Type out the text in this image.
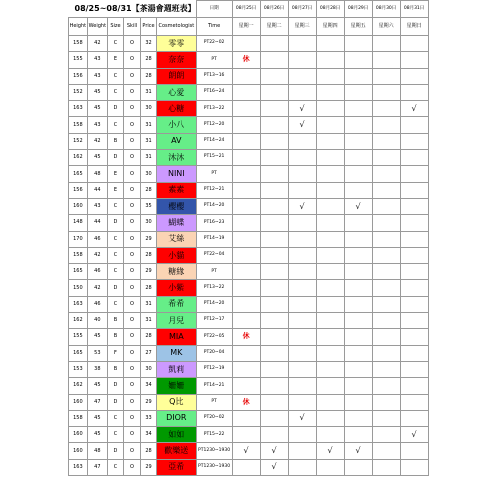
08/25~08/31【茶湯會週班表】						日期	08月25日	08月26日	08月27日	08月28日	08月29日	08月30日	08月31日
Height	Weight	Size	Skill	Price	Cosmetologist	Time	星期一	星期二	星期三	星期四	星期五	星期六	星期日
158	42	C	O	32	零零	PT22~02							
155	43	E	O	28	奈奈	PT	休						
156	43	C	O	28	朗朗	PT13~16							
152	45	C	O	31	心愛	PT16~24							
163	45	D	O	30	心糖	PT13~22			√				√
158	43	C	O	31	小八	PT12~20			√				
152	42	B	O	31	AV	PT14~24							
162	45	D	O	31	沐沐	PT15~21							
165	48	E	O	30	NINI	PT							
156	44	E	O	28	素素	PT12~21							
160	43	C	O	35	櫻櫻	PT14~20			√		√		
148	44	D	O	30	蝴蝶	PT16~23							
170	46	C	O	29	艾絲	PT14~19							
158	42	C	O	28	小貓	PT22~04							
165	46	C	O	29	糖緣	PT							
150	42	D	O	28	小紫	PT13~22							
163	46	C	O	31	希希	PT14~20							
162	40	B	O	31	月兒	PT12~17							
155	45	B	O	28	MIA	PT22~05	休						
165	53	F	O	27	MK	PT20~04							
153	38	B	O	30	凱莉	PT12~19							
162	45	D	O	34	姍姍	PT14~21							
160	47	D	O	29	Q比	PT	休						
158	45	C	O	33	DIOR	PT20~02			√				
160	45	C	O	34	如如	PT15~22							√
160	48	D	O	28	歡樂送	PT1230~1930	√	√		√	√		
163	47	C	O	29	亞希	PT1230~1930		√					
